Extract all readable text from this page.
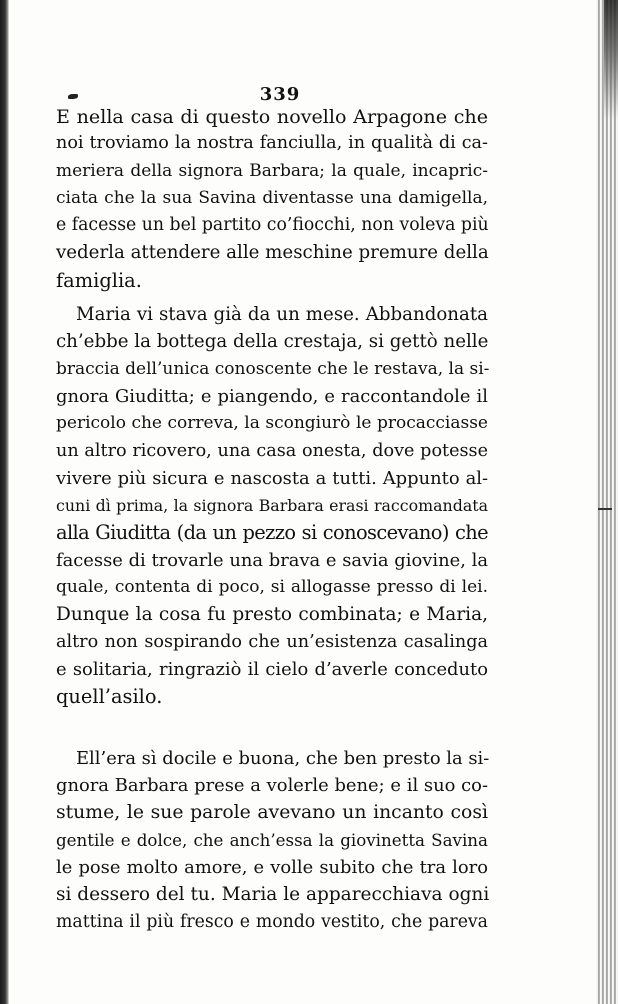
339
E nella casa di questo novello Arpagone che
noi troviamo la nostra fanciulla, in qualità di ca-
meriera della signora Barbara; la quale, incapric-
ciata che la sua Savina diventasse una damigella,
e facesse un bel partito co’fiocchi, non voleva più
vederla attendere alle meschine premure della
famiglia.
Maria vi stava già da un mese. Abbandonata
ch’ebbe la bottega della crestaja, si gettò nelle
braccia dell’unica conoscente che le restava, la si-
gnora Giuditta; e piangendo, e raccontandole il
pericolo che correva, la scongiurò le procacciasse
un altro ricovero, una casa onesta, dove potesse
vivere più sicura e nascosta a tutti. Appunto al-
cuni dì prima, la signora Barbara erasi raccomandata
alla Giuditta (da un pezzo si conoscevano) che
facesse di trovarle una brava e savia giovine, la
quale, contenta di poco, si allogasse presso di lei.
Dunque la cosa fu presto combinata; e Maria,
altro non sospirando che un’esistenza casalinga
e solitaria, ringraziò il cielo d’averle conceduto
quell’asilo.
Ell’era sì docile e buona, che ben presto la si-
gnora Barbara prese a volerle bene; e il suo co-
stume, le sue parole avevano un incanto così
gentile e dolce, che anch’essa la giovinetta Savina
le pose molto amore, e volle subito che tra loro
si dessero del tu. Maria le apparecchiava ogni
mattina il più fresco e mondo vestito, che pareva
